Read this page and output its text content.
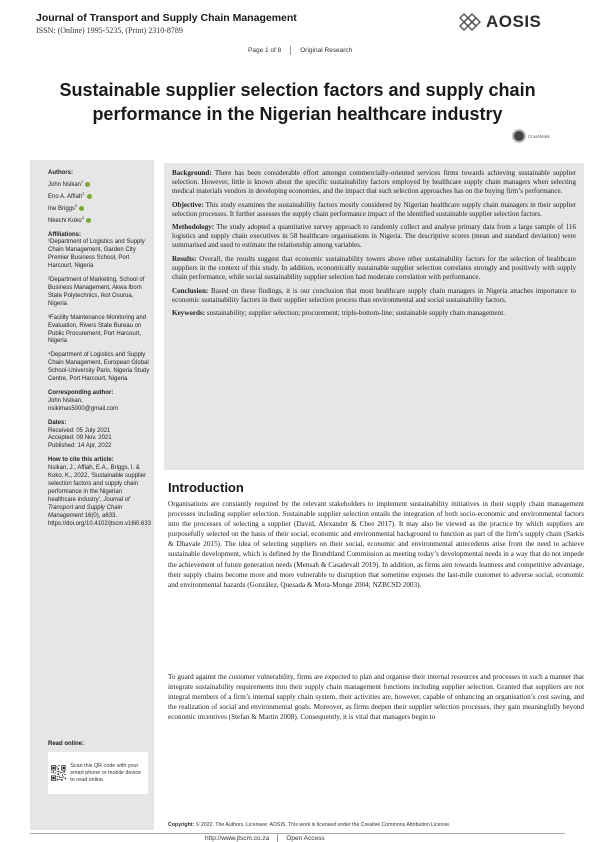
Journal of Transport and Supply Chain Management
ISSN: (Online) 1995-5235, (Print) 2310-8789	AOSIS
Page 1 of 8	Original Research
Sustainable supplier selection factors and supply chain performance in the Nigerian healthcare industry
CrossMark
Authors:
John Nsikan$^1$
Eno A. Affiah$^2$
Ine Briggs$^3$
Nkechi Koko$^4$
Affiliations:
¹Department of Logistics and Supply Chain Management, Garden City Premier Business School, Port Harcourt, Nigeria
²Department of Marketing, School of Business Management, Akwa Ibom State Polytechnics, Ikot Osurua, Nigeria
³Facility Maintenance Monitoring and Evaluation, Rivers State Bureau on Public Procurement, Port Harcourt, Nigeria
⁴Department of Logistics and Supply Chain Management, European Global School-University Paris, Nigeria Study Centre, Port Harcourt, Nigeria
Corresponding author:
John Nsikan,
nsikimas5000@gmail.com
Dates:
Received: 05 July 2021
Accepted: 09 Nov. 2021
Published: 14 Apr. 2022
How to cite this article:
Nsikan, J., Affiah, E.A., Briggs, I. & Koko, K., 2022, ‘Sustainable supplier selection factors and supply chain performance in the Nigerian healthcare industry’, Journal of Transport and Supply Chain Management 16(0), a633. https://doi.org/10.4102/jtscm.v16i0.633
Read online:
Scan this QR code with your smart phone or mobile device to read online.

Background: There has been considerable effort amongst commercially-oriented services firms towards achieving sustainable supplier selection. However, little is known about the specific sustainability factors employed by healthcare supply chain managers when selecting medical materials vendors in developing economies, and the impact that such selection approaches has on the buying firm’s performance.

Objective: This study examines the sustainability factors mostly considered by Nigerian healthcare supply chain managers in their supplier selection processes. It further assesses the supply chain performance impact of the identified sustainable supplier selection factors.

Methodology: The study adopted a quantitative survey approach to randomly collect and analyse primary data from a large sample of 116 logistics and supply chain executives in 58 healthcare organisations in Nigeria. The descriptive scores (mean and standard deviation) were summarised and used to estimate the relationship among variables.

Results: Overall, the results suggest that economic sustainability towers above other sustainability factors for the selection of healthcare suppliers in the context of this study. In addition, economically sustainable supplier selection correlates strongly and positively with supply chain performance, while social sustainability supplier selection had moderate correlation with performance.

Conclusion: Based on these findings, it is our conclusion that most healthcare supply chain managers in Nigeria attaches importance to economic sustainability factors in their supplier selection process than environmental and social sustainability factors.

Keywords: sustainability; supplier selection; procurement; triple-bottom-line; sustainable supply chain management.

Introduction

Organisations are constantly required by the relevant stakeholders to implement sustainability initiatives in their supply chain management processes including supplier selection. Sustainable supplier selection entails the integration of both socio-economic and environmental factors into the processes of selecting a supplier (David, Alexander & Chee 2017). It may also be viewed as the practice by which suppliers are purposefully selected on the basis of their social, economic and environmental background to function as part of the firm’s supply chain (Sarkis & Dhavale 2015). The idea of selecting suppliers on their social, economic and environmental antecedents arise from the need to achieve sustainable development, which is defined by the Brundtland Commission as meeting today’s developmental needs in a way that do not impede the achievement of future generation needs (Mensah & Casadevall 2019). In addition, as firms aim towards leanness and competitive advantage, their supply chains become more and more vulnerable to disruption that sometime exposes the last-mile customer to adverse social, economic and environmental hazards (González, Quesada & Mora-Monge 2004; NZBCSD 2003).

To guard against the customer vulnerability, firms are expected to plan and organise their internal resources and processes in such a manner that integrate sustainability requirements into their supply chain management functions including supplier selection. Granted that suppliers are not integral members of a firm’s internal supply chain system, their activities are, however, capable of enhancing an organisation’s cost saving, and the realization of social and environmental goals. Moreover, as firms deepen their supplier selection processes, they gain meaningfully beyond economic incentives (Stefan & Martin 2008). Consequently, it is vital that managers begin to

Copyright: © 2022. The Authors. Licensee: AOSIS. This work is licensed under the Creative Commons Attribution License.
http://www.jtscm.co.za	Open Access
